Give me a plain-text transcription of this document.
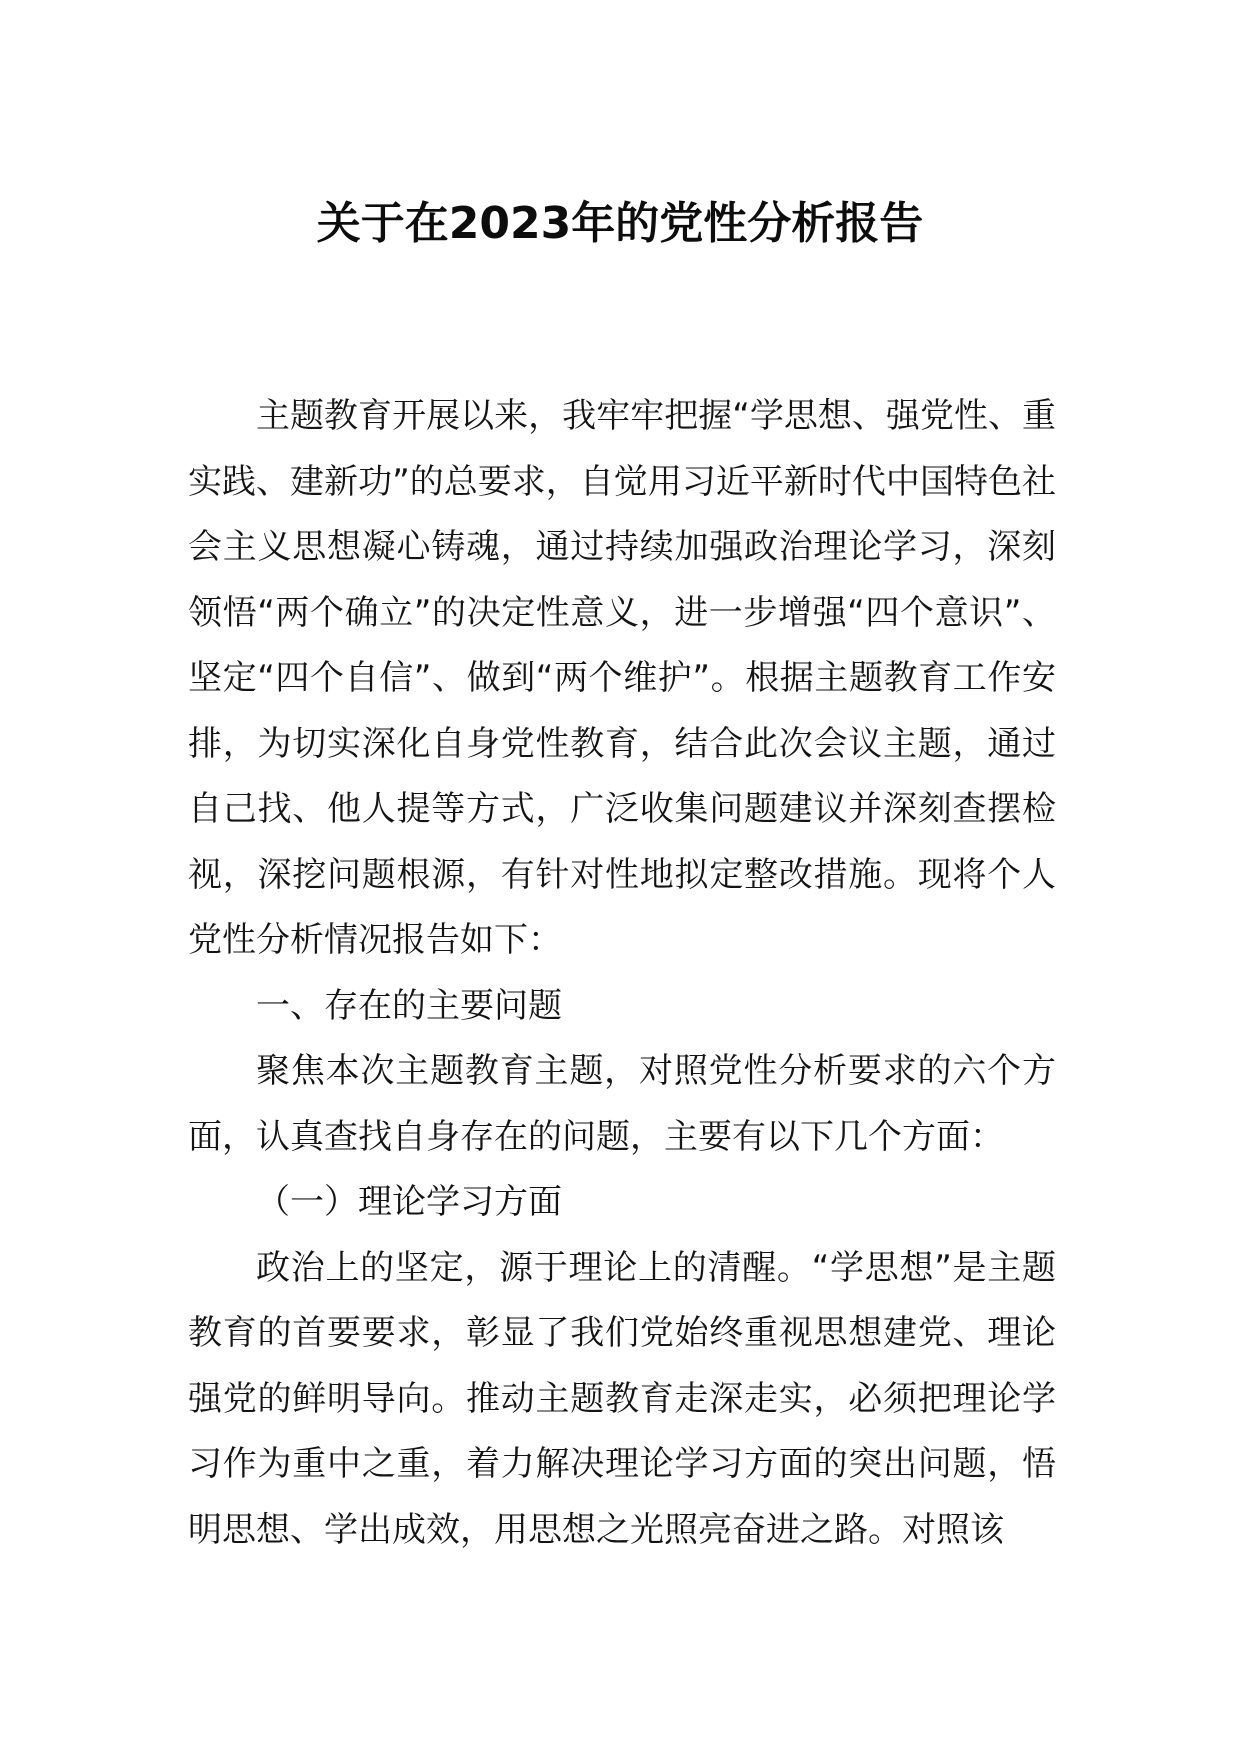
关于在2023年的党性分析报告

主题教育开展以来，我牢牢把握“学思想、强党性、重实践、建新功”的总要求，自觉用习近平新时代中国特色社会主义思想凝心铸魂，通过持续加强政治理论学习，深刻领悟“两个确立”的决定性意义，进一步增强“四个意识”、坚定“四个自信”、做到“两个维护”。根据主题教育工作安排，为切实深化自身党性教育，结合此次会议主题，通过自己找、他人提等方式，广泛收集问题建议并深刻查摆检视，深挖问题根源，有针对性地拟定整改措施。现将个人党性分析情况报告如下：

一、存在的主要问题

聚焦本次主题教育主题，对照党性分析要求的六个方面，认真查找自身存在的问题，主要有以下几个方面：

（一）理论学习方面

政治上的坚定，源于理论上的清醒。“学思想”是主题教育的首要要求，彰显了我们党始终重视思想建党、理论强党的鲜明导向。推动主题教育走深走实，必须把理论学习作为重中之重，着力解决理论学习方面的突出问题，悟明思想、学出成效，用思想之光照亮奋进之路。对照该
